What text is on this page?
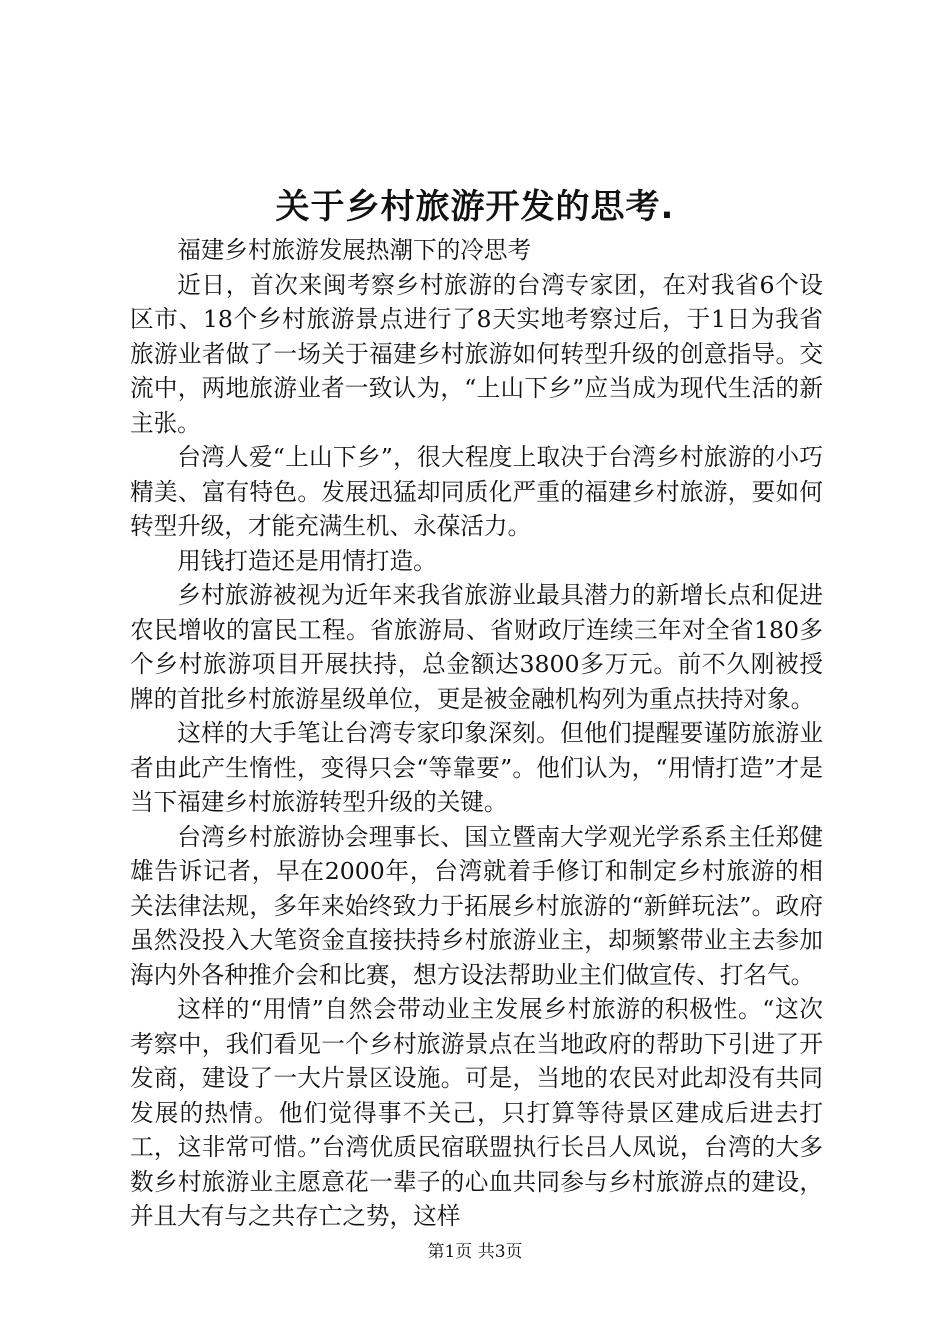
关于乡村旅游开发的思考.

福建乡村旅游发展热潮下的冷思考

近日，首次来闽考察乡村旅游的台湾专家团，在对我省6个设区市、18个乡村旅游景点进行了8天实地考察过后，于1日为我省旅游业者做了一场关于福建乡村旅游如何转型升级的创意指导。交流中，两地旅游业者一致认为，“上山下乡”应当成为现代生活的新主张。

台湾人爱“上山下乡”，很大程度上取决于台湾乡村旅游的小巧精美、富有特色。发展迅猛却同质化严重的福建乡村旅游，要如何转型升级，才能充满生机、永葆活力。

用钱打造还是用情打造。

乡村旅游被视为近年来我省旅游业最具潜力的新增长点和促进农民增收的富民工程。省旅游局、省财政厅连续三年对全省180多个乡村旅游项目开展扶持，总金额达3800多万元。前不久刚被授牌的首批乡村旅游星级单位，更是被金融机构列为重点扶持对象。

这样的大手笔让台湾专家印象深刻。但他们提醒要谨防旅游业者由此产生惰性，变得只会“等靠要”。他们认为，“用情打造”才是当下福建乡村旅游转型升级的关键。

台湾乡村旅游协会理事长、国立暨南大学观光学系系主任郑健雄告诉记者，早在2000年，台湾就着手修订和制定乡村旅游的相关法律法规，多年来始终致力于拓展乡村旅游的“新鲜玩法”。政府虽然没投入大笔资金直接扶持乡村旅游业主，却频繁带业主去参加海内外各种推介会和比赛，想方设法帮助业主们做宣传、打名气。

这样的“用情”自然会带动业主发展乡村旅游的积极性。“这次考察中，我们看见一个乡村旅游景点在当地政府的帮助下引进了开发商，建设了一大片景区设施。可是，当地的农民对此却没有共同发展的热情。他们觉得事不关己，只打算等待景区建成后进去打工，这非常可惜。”台湾优质民宿联盟执行长吕人凤说，台湾的大多数乡村旅游业主愿意花一辈子的心血共同参与乡村旅游点的建设，并且大有与之共存亡之势，这样

第1页 共3页
